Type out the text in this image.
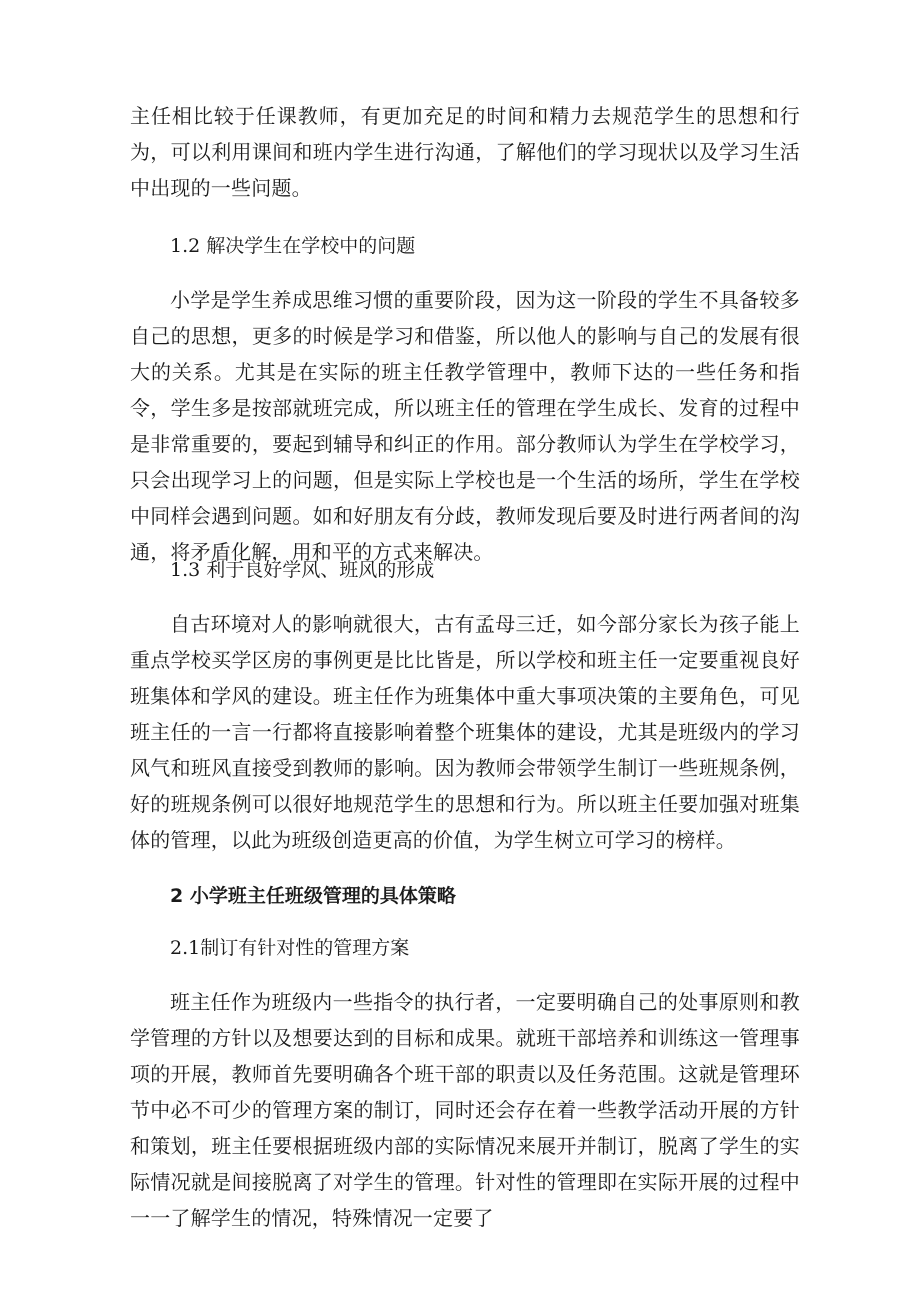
主任相比较于任课教师，有更加充足的时间和精力去规范学生的思想和行为，可以利用课间和班内学生进行沟通，了解他们的学习现状以及学习生活中出现的一些问题。

1.2 解决学生在学校中的问题

小学是学生养成思维习惯的重要阶段，因为这一阶段的学生不具备较多自己的思想，更多的时候是学习和借鉴，所以他人的影响与自己的发展有很大的关系。尤其是在实际的班主任教学管理中，教师下达的一些任务和指令，学生多是按部就班完成，所以班主任的管理在学生成长、发育的过程中是非常重要的，要起到辅导和纠正的作用。部分教师认为学生在学校学习，只会出现学习上的问题，但是实际上学校也是一个生活的场所，学生在学校中同样会遇到问题。如和好朋友有分歧，教师发现后要及时进行两者间的沟通，将矛盾化解，用和平的方式来解决。

1.3 利于良好学风、班风的形成

自古环境对人的影响就很大，古有孟母三迁，如今部分家长为孩子能上重点学校买学区房的事例更是比比皆是，所以学校和班主任一定要重视良好班集体和学风的建设。班主任作为班集体中重大事项决策的主要角色，可见班主任的一言一行都将直接影响着整个班集体的建设，尤其是班级内的学习风气和班风直接受到教师的影响。因为教师会带领学生制订一些班规条例，好的班规条例可以很好地规范学生的思想和行为。所以班主任要加强对班集体的管理，以此为班级创造更高的价值，为学生树立可学习的榜样。

2 小学班主任班级管理的具体策略

2.1制订有针对性的管理方案

班主任作为班级内一些指令的执行者，一定要明确自己的处事原则和教学管理的方针以及想要达到的目标和成果。就班干部培养和训练这一管理事项的开展，教师首先要明确各个班干部的职责以及任务范围。这就是管理环节中必不可少的管理方案的制订，同时还会存在着一些教学活动开展的方针和策划，班主任要根据班级内部的实际情况来展开并制订，脱离了学生的实际情况就是间接脱离了对学生的管理。针对性的管理即在实际开展的过程中一一了解学生的情况，特殊情况一定要了
